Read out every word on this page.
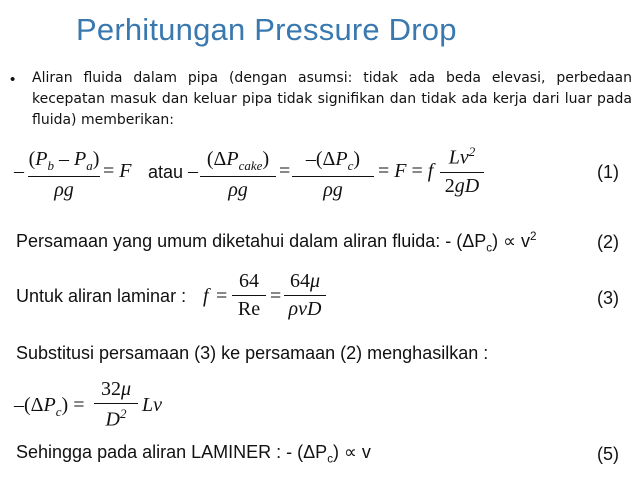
Perhitungan Pressure Drop
• Aliran fluida dalam pipa (dengan asumsi: tidak ada beda elevasi, perbedaan kecepatan masuk dan keluar pipa tidak signifikan dan tidak ada kerja dari luar pada fluida) memberikan:
–
$(P_b - P_a)$
ρg
= F atau –
$(\Delta P_{cake})$
ρg
=
$-(\Delta P_c)$
ρg
= F = f
Lv$^2$
2gD
(1)
Persamaan yang umum diketahui dalam aliran fluida: - $(\Delta P_c) \propto v^2$	(2)
Untuk aliran laminar : f =
64
Re
=
64μ
ρvD	(3)
Substitusi persamaan (3) ke persamaan (2) menghasilkan :
$-(\Delta P_c)$ =
32μ
$D^2$ Lv
Sehingga pada aliran LAMINER : - $(\Delta P_c) \propto v$	(5)
